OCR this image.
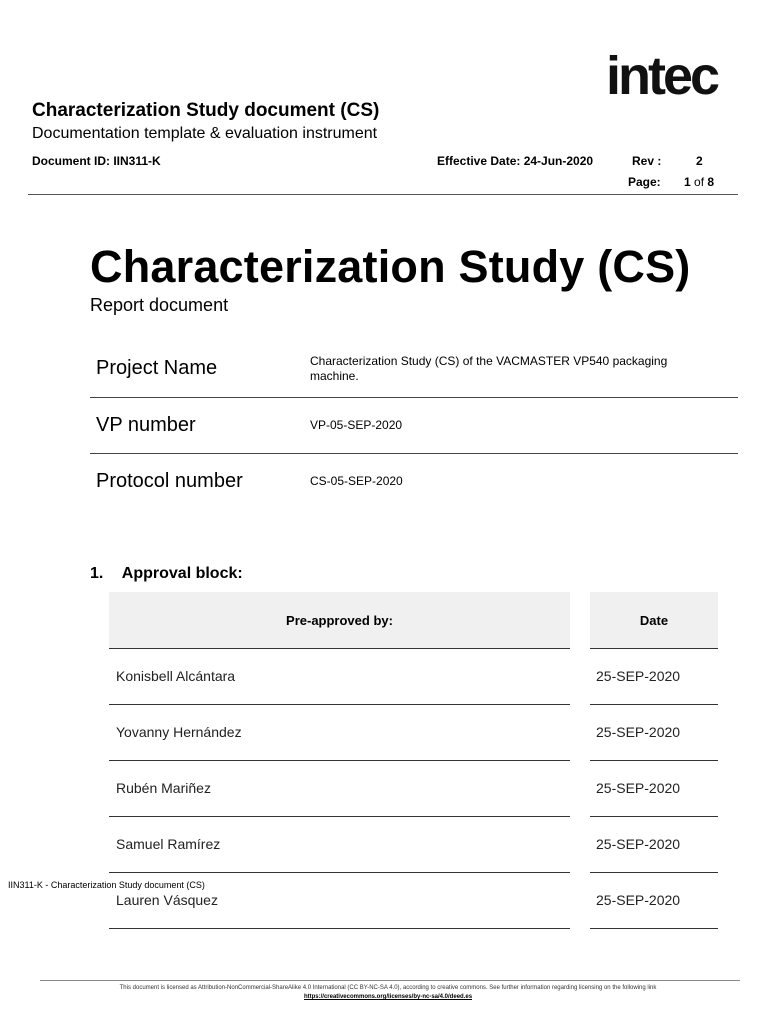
intec
Characterization Study document (CS)
Documentation template & evaluation instrument
Document ID: IIN311-K	Effective Date: 24-Jun-2020	Rev :	2
Page: 1 of 8
Characterization Study (CS)
Report document
Project Name	Characterization Study (CS) of the VACMASTER VP540 packaging machine.
VP number	VP-05-SEP-2020
Protocol number	CS-05-SEP-2020
1. Approval block:
Pre-approved by:	Date
Konisbell Alcántara	25-SEP-2020
Yovanny Hernández	25-SEP-2020
Rubén Mariñez	25-SEP-2020
Samuel Ramírez	25-SEP-2020
Lauren Vásquez	25-SEP-2020
IIN311-K - Characterization Study document (CS)
This document is licensed as Attribution-NonCommercial-ShareAlike 4.0 International (CC BY-NC-SA 4.0), according to creative commons. See further information regarding licensing on the following link
https://creativecommons.org/licenses/by-nc-sa/4.0/deed.es
